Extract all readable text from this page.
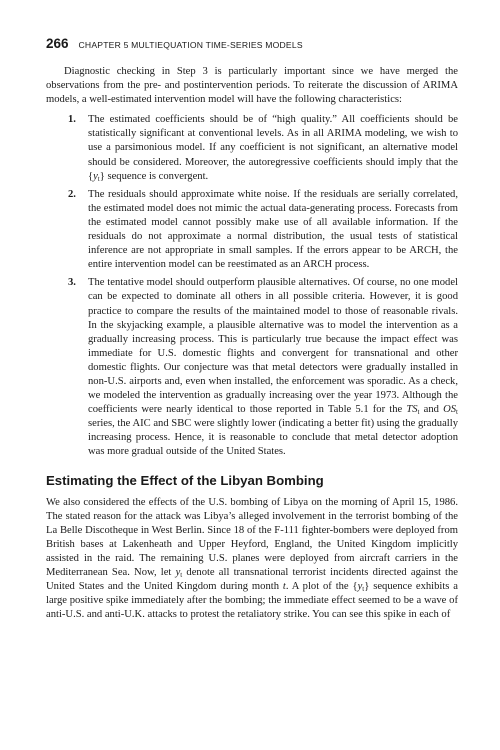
266 CHAPTER 5 MULTIEQUATION TIME-SERIES MODELS

Diagnostic checking in Step 3 is particularly important since we have merged the observations from the pre- and postintervention periods. To reiterate the discussion of ARIMA models, a well-estimated intervention model will have the following characteristics:

1. The estimated coefficients should be of “high quality.” All coefficients should be statistically significant at conventional levels. As in all ARIMA modeling, we wish to use a parsimonious model. If any coefficient is not significant, an alternative model should be considered. Moreover, the autoregressive coefficients should imply that the $\{y_t\}$ sequence is convergent.
2. The residuals should approximate white noise. If the residuals are serially correlated, the estimated model does not mimic the actual data-generating process. Forecasts from the estimated model cannot possibly make use of all available information. If the residuals do not approximate a normal distribution, the usual tests of statistical inference are not appropriate in small samples. If the errors appear to be ARCH, the entire intervention model can be reestimated as an ARCH process.
3. The tentative model should outperform plausible alternatives. Of course, no one model can be expected to dominate all others in all possible criteria. However, it is good practice to compare the results of the maintained model to those of reasonable rivals. In the skyjacking example, a plausible alternative was to model the intervention as a gradually increasing process. This is particularly true because the impact effect was immediate for U.S. domestic flights and convergent for transnational and other domestic flights. Our conjecture was that metal detectors were gradually installed in non-U.S. airports and, even when installed, the enforcement was sporadic. As a check, we modeled the intervention as gradually increasing over the year 1973. Although the coefficients were nearly identical to those reported in Table 5.1 for the $TS_t$ and $OS_t$ series, the AIC and SBC were slightly lower (indicating a better fit) using the gradually increasing process. Hence, it is reasonable to conclude that metal detector adoption was more gradual outside of the United States.
Estimating the Effect of the Libyan Bombing

We also considered the effects of the U.S. bombing of Libya on the morning of April 15, 1986. The stated reason for the attack was Libya’s alleged involvement in the terrorist bombing of the La Belle Discotheque in West Berlin. Since 18 of the F-111 fighter-bombers were deployed from British bases at Lakenheath and Upper Heyford, England, the United Kingdom implicitly assisted in the raid. The remaining U.S. planes were deployed from aircraft carriers in the Mediterranean Sea. Now, let $y_t$ denote all transnational terrorist incidents directed against the United States and the United Kingdom during month t. A plot of the $\{y_t\}$ sequence exhibits a large positive spike immediately after the bombing; the immediate effect seemed to be a wave of anti-U.S. and anti-U.K. attacks to protest the retaliatory strike. You can see this spike in each of
